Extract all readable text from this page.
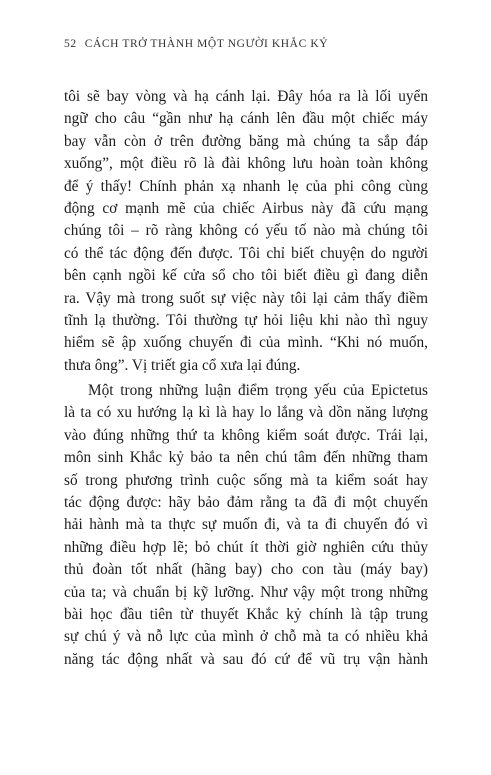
52 CÁCH TRỞ THÀNH MỘT NGƯỜI KHẮC KỶ
tôi sẽ bay vòng và hạ cánh lại. Đây hóa ra là lối uyển
ngữ cho câu “gần như hạ cánh lên đầu một chiếc máy
bay vẫn còn ở trên đường băng mà chúng ta sắp đáp
xuống”, một điều rõ là đài không lưu hoàn toàn không
để ý thấy! Chính phản xạ nhanh lẹ của phi công cùng
động cơ mạnh mẽ của chiếc Airbus này đã cứu mạng
chúng tôi – rõ ràng không có yếu tố nào mà chúng tôi
có thể tác động đến được. Tôi chỉ biết chuyện do người
bên cạnh ngồi kế cửa sổ cho tôi biết điều gì đang diễn
ra. Vậy mà trong suốt sự việc này tôi lại cảm thấy điềm
tĩnh lạ thường. Tôi thường tự hỏi liệu khi nào thì nguy
hiểm sẽ ập xuống chuyến đi của mình. “Khi nó muốn,
thưa ông”. Vị triết gia cổ xưa lại đúng.
Một trong những luận điểm trọng yếu của Epictetus
là ta có xu hướng lạ kì là hay lo lắng và dồn năng lượng
vào đúng những thứ ta không kiểm soát được. Trái lại,
môn sinh Khắc kỷ bảo ta nên chú tâm đến những tham
số trong phương trình cuộc sống mà ta kiểm soát hay
tác động được: hãy bảo đảm rằng ta đã đi một chuyến
hải hành mà ta thực sự muốn đi, và ta đi chuyến đó vì
những điều hợp lẽ; bỏ chút ít thời giờ nghiên cứu thủy
thủ đoàn tốt nhất (hãng bay) cho con tàu (máy bay)
của ta; và chuẩn bị kỹ lưỡng. Như vậy một trong những
bài học đầu tiên từ thuyết Khắc kỷ chính là tập trung
sự chú ý và nỗ lực của mình ở chỗ mà ta có nhiều khả
năng tác động nhất và sau đó cứ để vũ trụ vận hành
